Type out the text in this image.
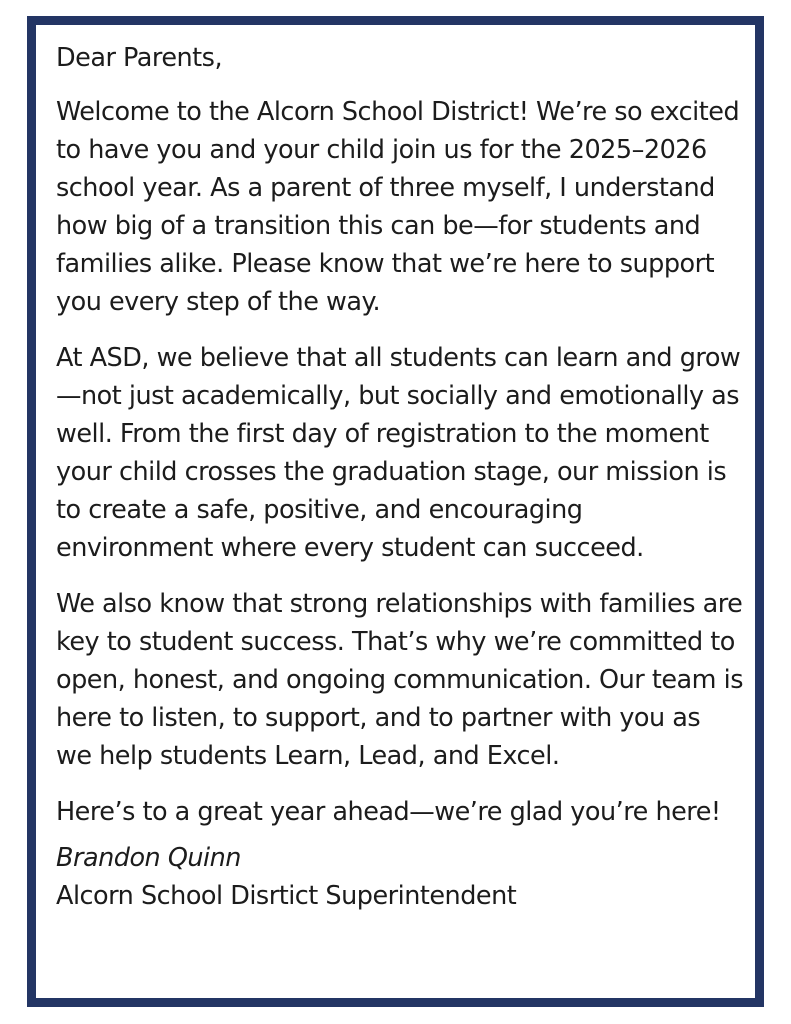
Dear Parents,

Welcome to the Alcorn School District! We’re so excited to have you and your child join us for the 2025–2026 school year. As a parent of three myself, I understand how big of a transition this can be—for students and families alike. Please know that we’re here to support you every step of the way.

At ASD, we believe that all students can learn and grow—not just academically, but socially and emotionally as well. From the first day of registration to the moment your child crosses the graduation stage, our mission is to create a safe, positive, and encouraging environment where every student can succeed.

We also know that strong relationships with families are key to student success. That’s why we’re committed to open, honest, and ongoing communication. Our team is here to listen, to support, and to partner with you as we help students Learn, Lead, and Excel.

Here’s to a great year ahead—we’re glad you’re here!

Brandon Quinn

Alcorn School Disrtict Superintendent
